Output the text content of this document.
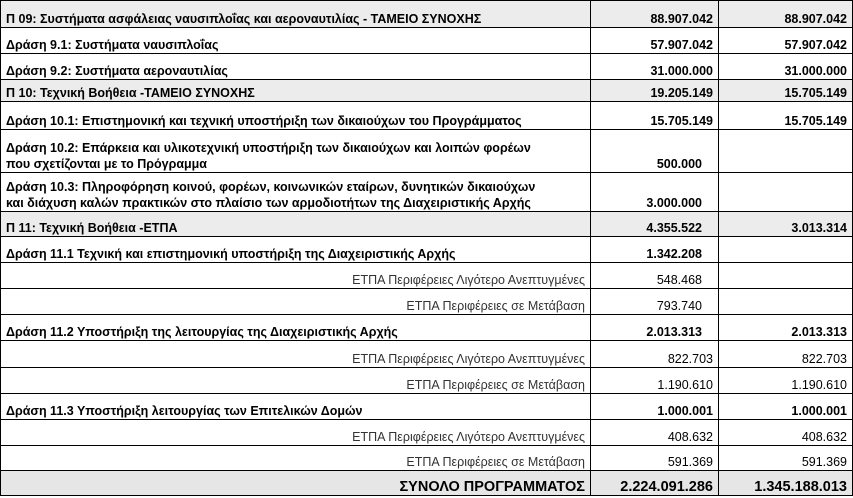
Π 09: Συστήματα ασφάλειας ναυσιπλοΐας και αεροναυτιλίας - ΤΑΜΕΙΟ ΣΥΝΟΧΗΣ	88.907.042	88.907.042
Δράση 9.1: Συστήματα ναυσιπλοΐας	57.907.042	57.907.042
Δράση 9.2: Συστήματα αεροναυτιλίας	31.000.000	31.000.000
Π 10: Τεχνική Βοήθεια -ΤΑΜΕΙΟ ΣΥΝΟΧΗΣ	19.205.149	15.705.149
Δράση 10.1: Επιστημονική και τεχνική υποστήριξη των δικαιούχων του Προγράμματος	15.705.149	15.705.149

Δράση 10.2: Επάρκεια και υλικοτεχνική υποστήριξη των δικαιούχων και λοιπών φορέων
που σχετίζονται με το Πρόγραμμα	500.000	

Δράση 10.3: Πληροφόρηση κοινού, φορέων, κοινωνικών εταίρων, δυνητικών δικαιούχων
και διάχυση καλών πρακτικών στο πλαίσιο των αρμοδιοτήτων της Διαχειριστικής Αρχής	3.000.000	
Π 11: Τεχνική Βοήθεια -ΕΤΠΑ	4.355.522	3.013.314
Δράση 11.1 Τεχνική και επιστημονική υποστήριξη της Διαχειριστικής Αρχής	1.342.208	
ΕΤΠΑ Περιφέρειες Λιγότερο Ανεπτυγμένες	548.468	
ΕΤΠΑ Περιφέρειες σε Μετάβαση	793.740	
Δράση 11.2 Υποστήριξη της λειτουργίας της Διαχειριστικής Αρχής	2.013.313	2.013.313
ΕΤΠΑ Περιφέρειες Λιγότερο Ανεπτυγμένες	822.703	822.703
ΕΤΠΑ Περιφέρειες σε Μετάβαση	1.190.610	1.190.610
Δράση 11.3 Υποστήριξη λειτουργίας των Επιτελικών Δομών	1.000.001	1.000.001
ΕΤΠΑ Περιφέρειες Λιγότερο Ανεπτυγμένες	408.632	408.632
ΕΤΠΑ Περιφέρειες σε Μετάβαση	591.369	591.369
ΣΥΝΟΛΟ ΠΡΟΓΡΑΜΜΑΤΟΣ	2.224.091.286	1.345.188.013
